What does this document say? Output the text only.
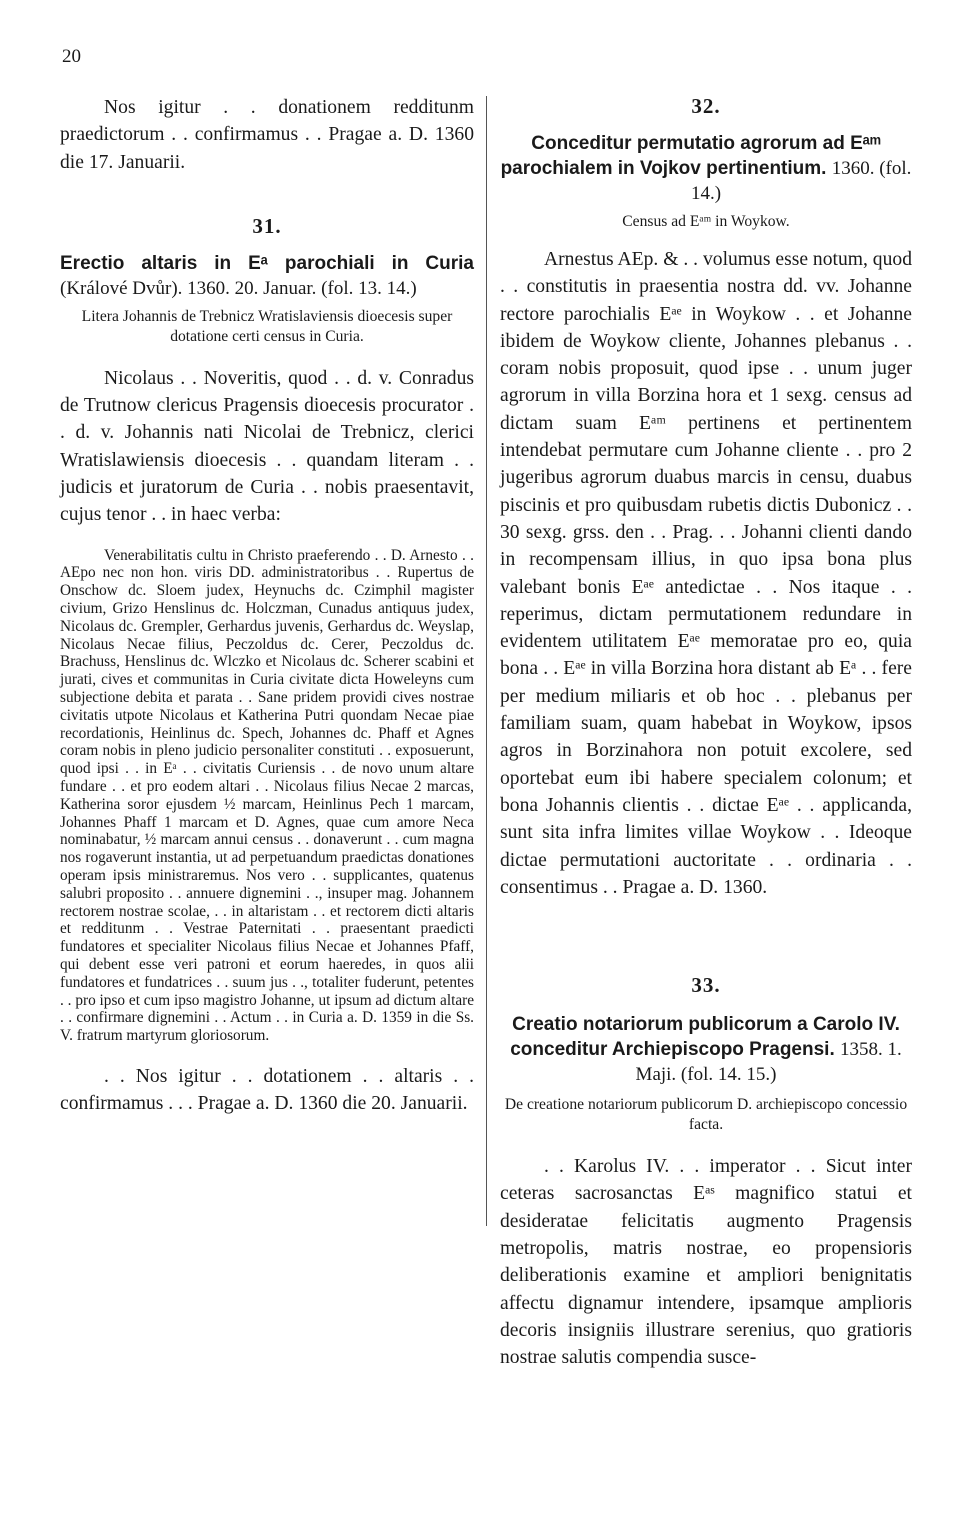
20

Nos igitur . . donationem redditunm praedictorum . . confirmamus . . Pragae a. D. 1360 die 17. Januarii.

31.
Erectio altaris in Eᵃ parochiali in Curia (Králové Dvůr). 1360. 20. Januar. (fol. 13. 14.)

Litera Johannis de Trebnicz Wratislaviensis dioecesis super dotatione certi census in Curia.

Nicolaus . . Noveritis, quod . . d. v. Conradus de Trutnow clericus Pragensis dioecesis procurator . . d. v. Johannis nati Nicolai de Trebnicz, clerici Wratislawiensis dioecesis . . quandam literam . . judicis et juratorum de Curia . . nobis praesentavit, cujus tenor . . in haec verba:

Venerabilitatis cultu in Christo praeferendo . . D. Arnesto . . AEpo nec non hon. viris DD. administratoribus . . Rupertus de Onschow dc. Sloem judex, Heynuchs dc. Czimphil magister civium, Grizo Henslinus dc. Holczman, Cunadus antiquus judex, Nicolaus dc. Grempler, Gerhardus juvenis, Gerhardus dc. Weyslap, Nicolaus Necae filius, Peczoldus dc. Cerer, Peczoldus dc. Brachuss, Henslinus dc. Wlczko et Nicolaus dc. Scherer scabini et jurati, cives et communitas in Curia civitate dicta Howeleyns cum subjectione debita et parata . . Sane pridem providi cives nostrae civitatis utpote Nicolaus et Katherina Putri quondam Necae piae recordationis, Heinlinus dc. Spech, Johannes dc. Phaff et Agnes coram nobis in pleno judicio personaliter constituti . . exposuerunt, quod ipsi . . in Eᵃ . . civitatis Curiensis . . de novo unum altare fundare . . et pro eodem altari . . Nicolaus filius Necae 2 marcas, Katherina soror ejusdem ½ marcam, Heinlinus Pech 1 marcam, Johannes Phaff 1 marcam et D. Agnes, quae cum amore Neca nominabatur, ½ marcam annui census . . donaverunt . . cum magna nos rogaverunt instantia, ut ad perpetuandum praedictas donationes operam ipsis ministraremus. Nos vero . . supplicantes, quatenus salubri proposito . . annuere dignemini . ., insuper mag. Johannem rectorem nostrae scolae, . . in altaristam . . et rectorem dicti altaris et redditunm . . Vestrae Paternitati . . praesentant praedicti fundatores et specialiter Nicolaus filius Necae et Johannes Pfaff, qui debent esse veri patroni et eorum haeredes, in quos alii fundatores et fundatrices . . suum jus . ., totaliter fuderunt, petentes . . pro ipso et cum ipso magistro Johanne, ut ipsum ad dictum altare . . confirmare dignemini . . Actum . . in Curia a. D. 1359 in die Ss. V. fratrum martyrum gloriosorum.

. . Nos igitur . . dotationem . . altaris . . confirmamus . . . Pragae a. D. 1360 die 20. Januarii.

32.
Conceditur permutatio agrorum ad Eᵃᵐ parochialem in Vojkov pertinentium. 1360. (fol. 14.)

Census ad Eᵃᵐ in Woykow.

Arnestus AEp. & . . volumus esse notum, quod . . constitutis in praesentia nostra dd. vv. Johanne rectore parochialis Eᵃᵉ in Woykow . . et Johanne ibidem de Woykow cliente, Johannes plebanus . . coram nobis proposuit, quod ipse . . unum juger agrorum in villa Borzina hora et 1 sexg. census ad dictam suam Eᵃᵐ pertinens et pertinentem intendebat permutare cum Johanne cliente . . pro 2 jugeribus agrorum duabus marcis in censu, duabus piscinis et pro quibusdam rubetis dictis Dubonicz . . 30 sexg. grss. den . . Prag. . . Johanni clienti dando in recompensam illius, in quo ipsa bona plus valebant bonis Eᵃᵉ antedictae . . Nos itaque . . reperimus, dictam permutationem redundare in evidentem utilitatem Eᵃᵉ memoratae pro eo, quia bona . . Eᵃᵉ in villa Borzina hora distant ab Eᵃ . . fere per medium miliaris et ob hoc . . plebanus per familiam suam, quam habebat in Woykow, ipsos agros in Borzinahora non potuit excolere, sed oportebat eum ibi habere specialem colonum; et bona Johannis clientis . . dictae Eᵃᵉ . . applicanda, sunt sita infra limites villae Woykow . . Ideoque dictae permutationi auctoritate . . ordinaria . . consentimus . . Pragae a. D. 1360.

33.
Creatio notariorum publicorum a Carolo IV. conceditur Archiepiscopo Pragensi. 1358. 1. Maji. (fol. 14. 15.)

De creatione notariorum publicorum D. archiepiscopo concessio facta.

. . Karolus IV. . . imperator . . Sicut inter ceteras sacrosanctas Eᵃˢ magnifico statui et desideratae felicitatis augmento Pragensis metropolis, matris nostrae, eo propensioris deliberationis examine et ampliori benignitatis affectu dignamur intendere, ipsamque amplioris decoris insigniis illustrare serenius, quo gratioris nostrae salutis compendia susce-
